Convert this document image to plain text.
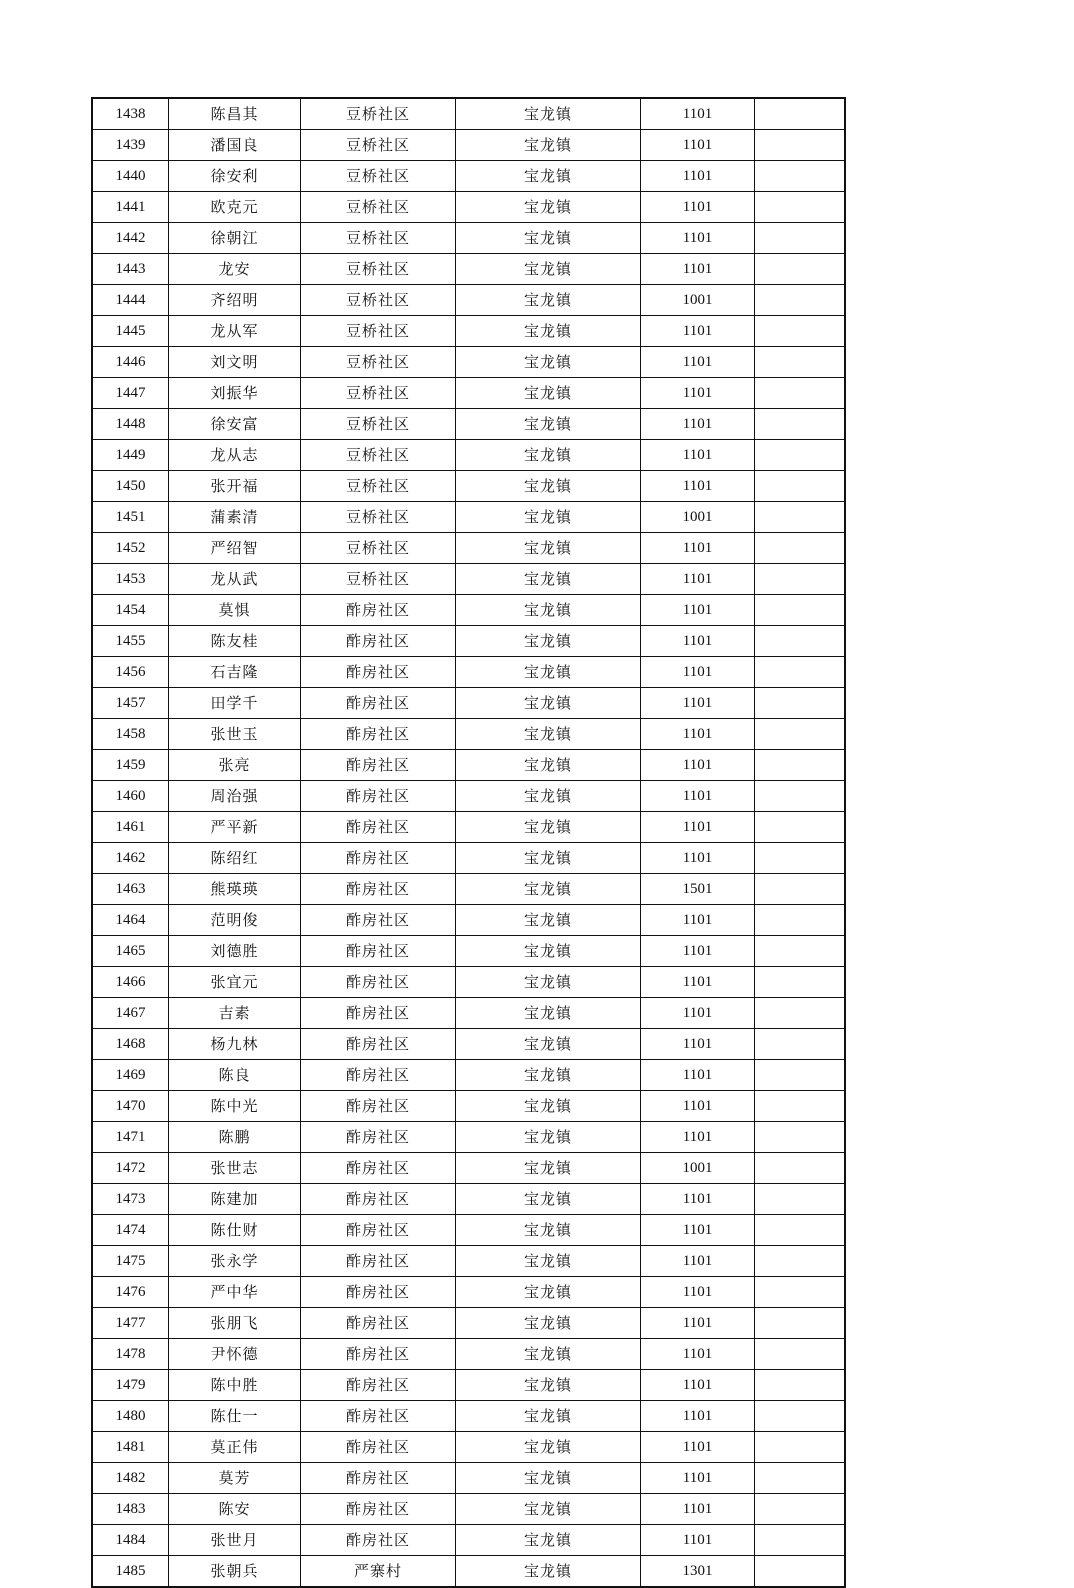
1438	陈昌其	豆桥社区	宝龙镇	1101	
1439	潘国良	豆桥社区	宝龙镇	1101	
1440	徐安利	豆桥社区	宝龙镇	1101	
1441	欧克元	豆桥社区	宝龙镇	1101	
1442	徐朝江	豆桥社区	宝龙镇	1101	
1443	龙安	豆桥社区	宝龙镇	1101	
1444	齐绍明	豆桥社区	宝龙镇	1001	
1445	龙从军	豆桥社区	宝龙镇	1101	
1446	刘文明	豆桥社区	宝龙镇	1101	
1447	刘振华	豆桥社区	宝龙镇	1101	
1448	徐安富	豆桥社区	宝龙镇	1101	
1449	龙从志	豆桥社区	宝龙镇	1101	
1450	张开福	豆桥社区	宝龙镇	1101	
1451	蒲素清	豆桥社区	宝龙镇	1001	
1452	严绍智	豆桥社区	宝龙镇	1101	
1453	龙从武	豆桥社区	宝龙镇	1101	
1454	莫惧	酢房社区	宝龙镇	1101	
1455	陈友桂	酢房社区	宝龙镇	1101	
1456	石吉隆	酢房社区	宝龙镇	1101	
1457	田学千	酢房社区	宝龙镇	1101	
1458	张世玉	酢房社区	宝龙镇	1101	
1459	张亮	酢房社区	宝龙镇	1101	
1460	周治强	酢房社区	宝龙镇	1101	
1461	严平新	酢房社区	宝龙镇	1101	
1462	陈绍红	酢房社区	宝龙镇	1101	
1463	熊瑛瑛	酢房社区	宝龙镇	1501	
1464	范明俊	酢房社区	宝龙镇	1101	
1465	刘德胜	酢房社区	宝龙镇	1101	
1466	张宜元	酢房社区	宝龙镇	1101	
1467	吉素	酢房社区	宝龙镇	1101	
1468	杨九林	酢房社区	宝龙镇	1101	
1469	陈良	酢房社区	宝龙镇	1101	
1470	陈中光	酢房社区	宝龙镇	1101	
1471	陈鹏	酢房社区	宝龙镇	1101	
1472	张世志	酢房社区	宝龙镇	1001	
1473	陈建加	酢房社区	宝龙镇	1101	
1474	陈仕财	酢房社区	宝龙镇	1101	
1475	张永学	酢房社区	宝龙镇	1101	
1476	严中华	酢房社区	宝龙镇	1101	
1477	张朋飞	酢房社区	宝龙镇	1101	
1478	尹怀德	酢房社区	宝龙镇	1101	
1479	陈中胜	酢房社区	宝龙镇	1101	
1480	陈仕一	酢房社区	宝龙镇	1101	
1481	莫正伟	酢房社区	宝龙镇	1101	
1482	莫芳	酢房社区	宝龙镇	1101	
1483	陈安	酢房社区	宝龙镇	1101	
1484	张世月	酢房社区	宝龙镇	1101	
1485	张朝兵	严寨村	宝龙镇	1301	
